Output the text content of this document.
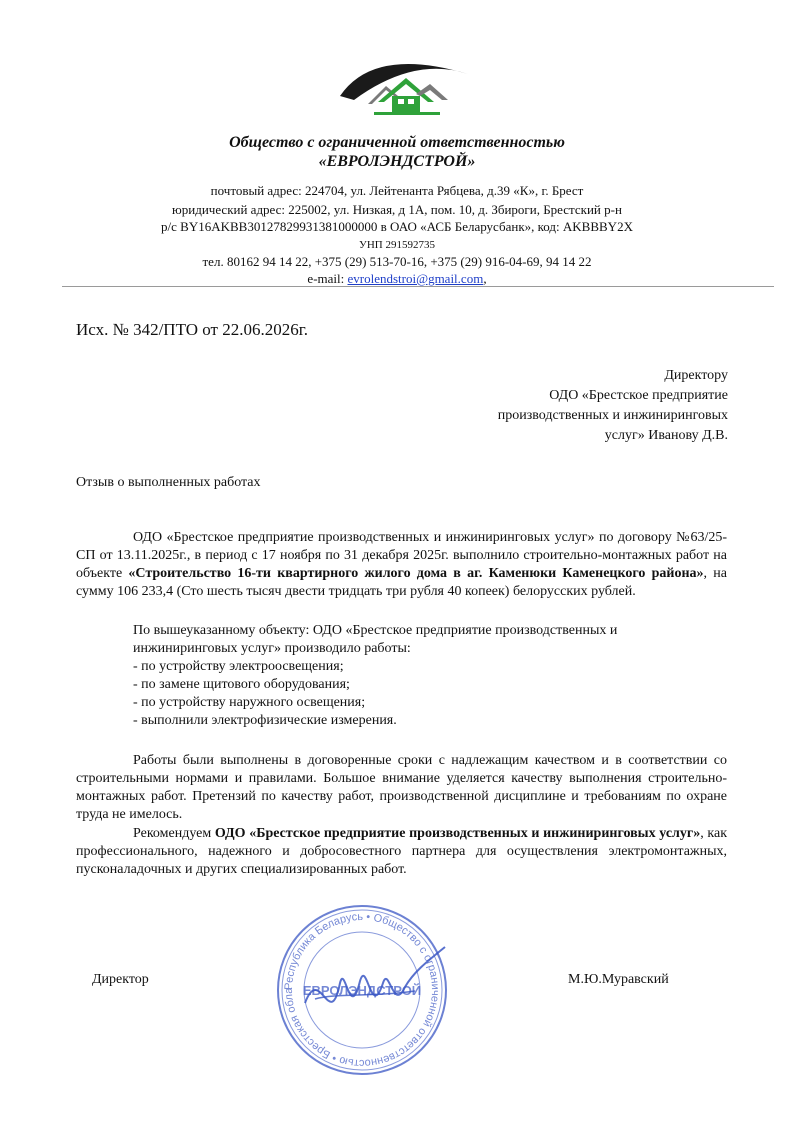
Общество с ограниченной ответственностью
«ЕВРОЛЭНДСТРОЙ»
почтовый адрес: 224704, ул. Лейтенанта Рябцева, д.39 «К», г. Брест
юридический адрес: 225002, ул. Низкая, д 1А, пом. 10, д. Збироги, Брестский р-н
р/с BY16AKBB30127829931381000000 в ОАО «АСБ Беларусбанк», код: AKBBBY2X
УНП 291592735
тел. 80162 94 14 22, +375 (29) 513-70-16, +375 (29) 916-04-69, 94 14 22
e-mail: evrolendstroi@gmail.com,
Исх. № 342/ПТО от 22.06.2026г.
Директору
ОДО «Брестское предприятие
производственных и инжиниринговых
услуг» Иванову Д.В.
Отзыв о выполненных работах
ОДО «Брестское предприятие производственных и инжиниринговых услуг» по договору №63/25-СП от 13.11.2025г., в период с 17 ноября по 31 декабря 2025г. выполнило строительно-монтажных работ на объекте «Строительство 16-ти квартирного жилого дома в аг. Каменюки Каменецкого района», на сумму 106 233,4 (Сто шесть тысяч двести тридцать три рубля 40 копеек) белорусских рублей.
По вышеуказанному объекту: ОДО «Брестское предприятие производственных и
инжиниринговых услуг» производило работы:
- по устройству электроосвещения;
- по замене щитового оборудования;
- по устройству наружного освещения;
- выполнили электрофизические измерения.
Работы были выполнены в договоренные сроки с надлежащим качеством и в соответствии со строительными нормами и правилами. Большое внимание уделяется качеству выполнения строительно-монтажных работ. Претензий по качеству работ, производственной дисциплине и требованиям по охране труда не имелось.
Рекомендуем ОДО «Брестское предприятие производственных и инжиниринговых услуг», как профессионального, надежного и добросовестного партнера для осуществления электромонтажных, пусконаладочных и других специализированных работ.
Республика Беларусь • Общество с ограниченной ответственностью • Брестская обла ЕВРОЛЭНДСТРОЙ
Директор	М.Ю.Муравский
